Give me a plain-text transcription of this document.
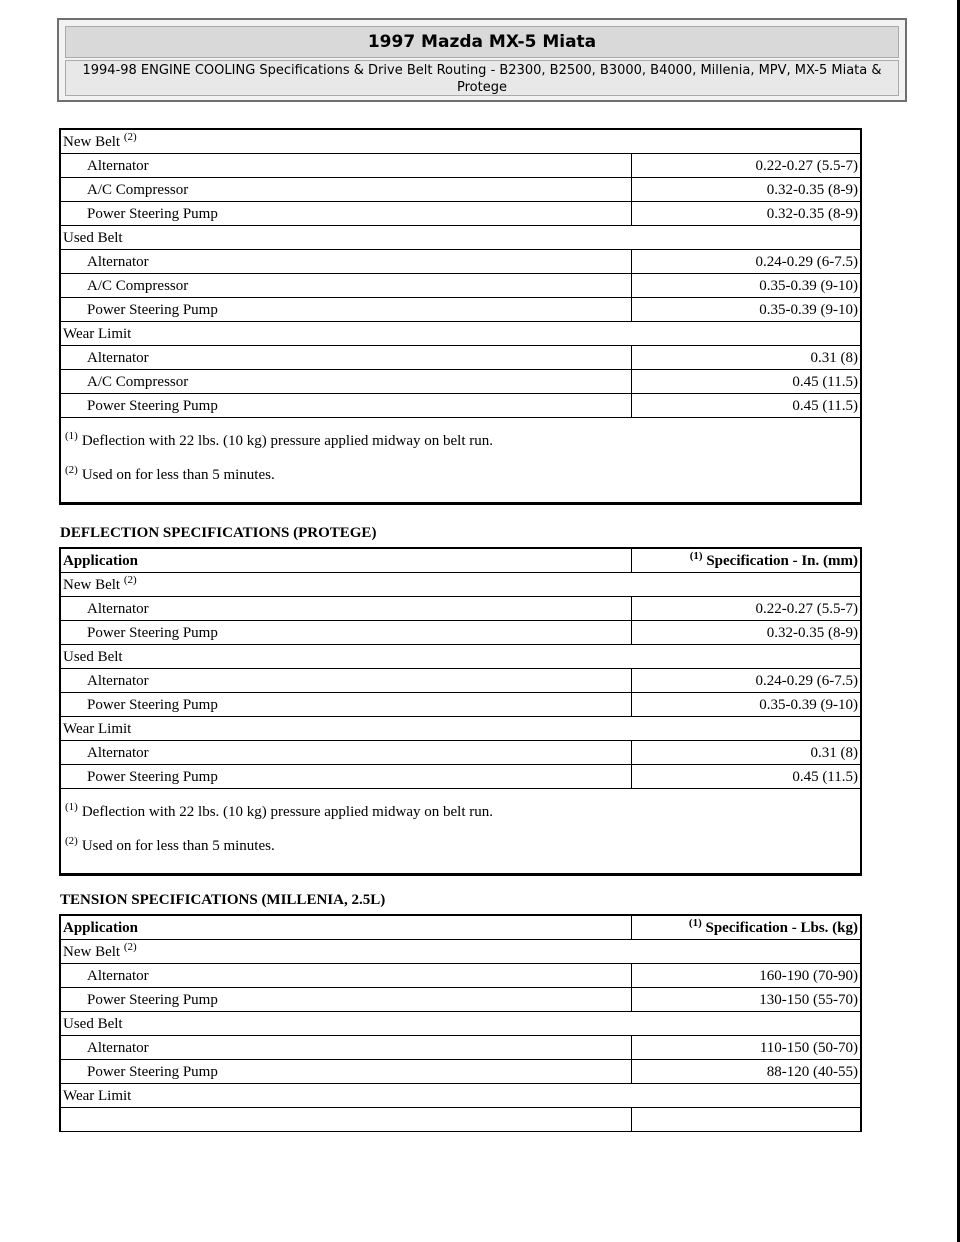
1997 Mazda MX-5 Miata
1994-98 ENGINE COOLING Specifications & Drive Belt Routing - B2300, B2500, B3000, B4000, Millenia, MPV, MX-5 Miata & Protege
New Belt $^{(2)}$
Alternator	0.22-0.27 (5.5-7)
A/C Compressor	0.32-0.35 (8-9)
Power Steering Pump	0.32-0.35 (8-9)
Used Belt	
Alternator	0.24-0.29 (6-7.5)
A/C Compressor	0.35-0.39 (9-10)
Power Steering Pump	0.35-0.39 (9-10)
Wear Limit	
Alternator	0.31 (8)
A/C Compressor	0.45 (11.5)
Power Steering Pump	0.45 (11.5)

$^{(1)}$ Deflection with 22 lbs. (10 kg) pressure applied midway on belt run.
$^{(2)}$ Used on for less than 5 minutes.	
DEFLECTION SPECIFICATIONS (PROTEGE)
Application	$^{(1)}$ Specification - In. (mm)
New Belt $^{(2)}$
Alternator	0.22-0.27 (5.5-7)
Power Steering Pump	0.32-0.35 (8-9)
Used Belt	
Alternator	0.24-0.29 (6-7.5)
Power Steering Pump	0.35-0.39 (9-10)
Wear Limit	
Alternator	0.31 (8)
Power Steering Pump	0.45 (11.5)

$^{(1)}$ Deflection with 22 lbs. (10 kg) pressure applied midway on belt run.
$^{(2)}$ Used on for less than 5 minutes.	
TENSION SPECIFICATIONS (MILLENIA, 2.5L)
Application	$^{(1)}$ Specification - Lbs. (kg)
New Belt $^{(2)}$
Alternator	160-190 (70-90)
Power Steering Pump	130-150 (55-70)
Used Belt	
Alternator	110-150 (50-70)
Power Steering Pump	88-120 (40-55)
Wear Limit	
